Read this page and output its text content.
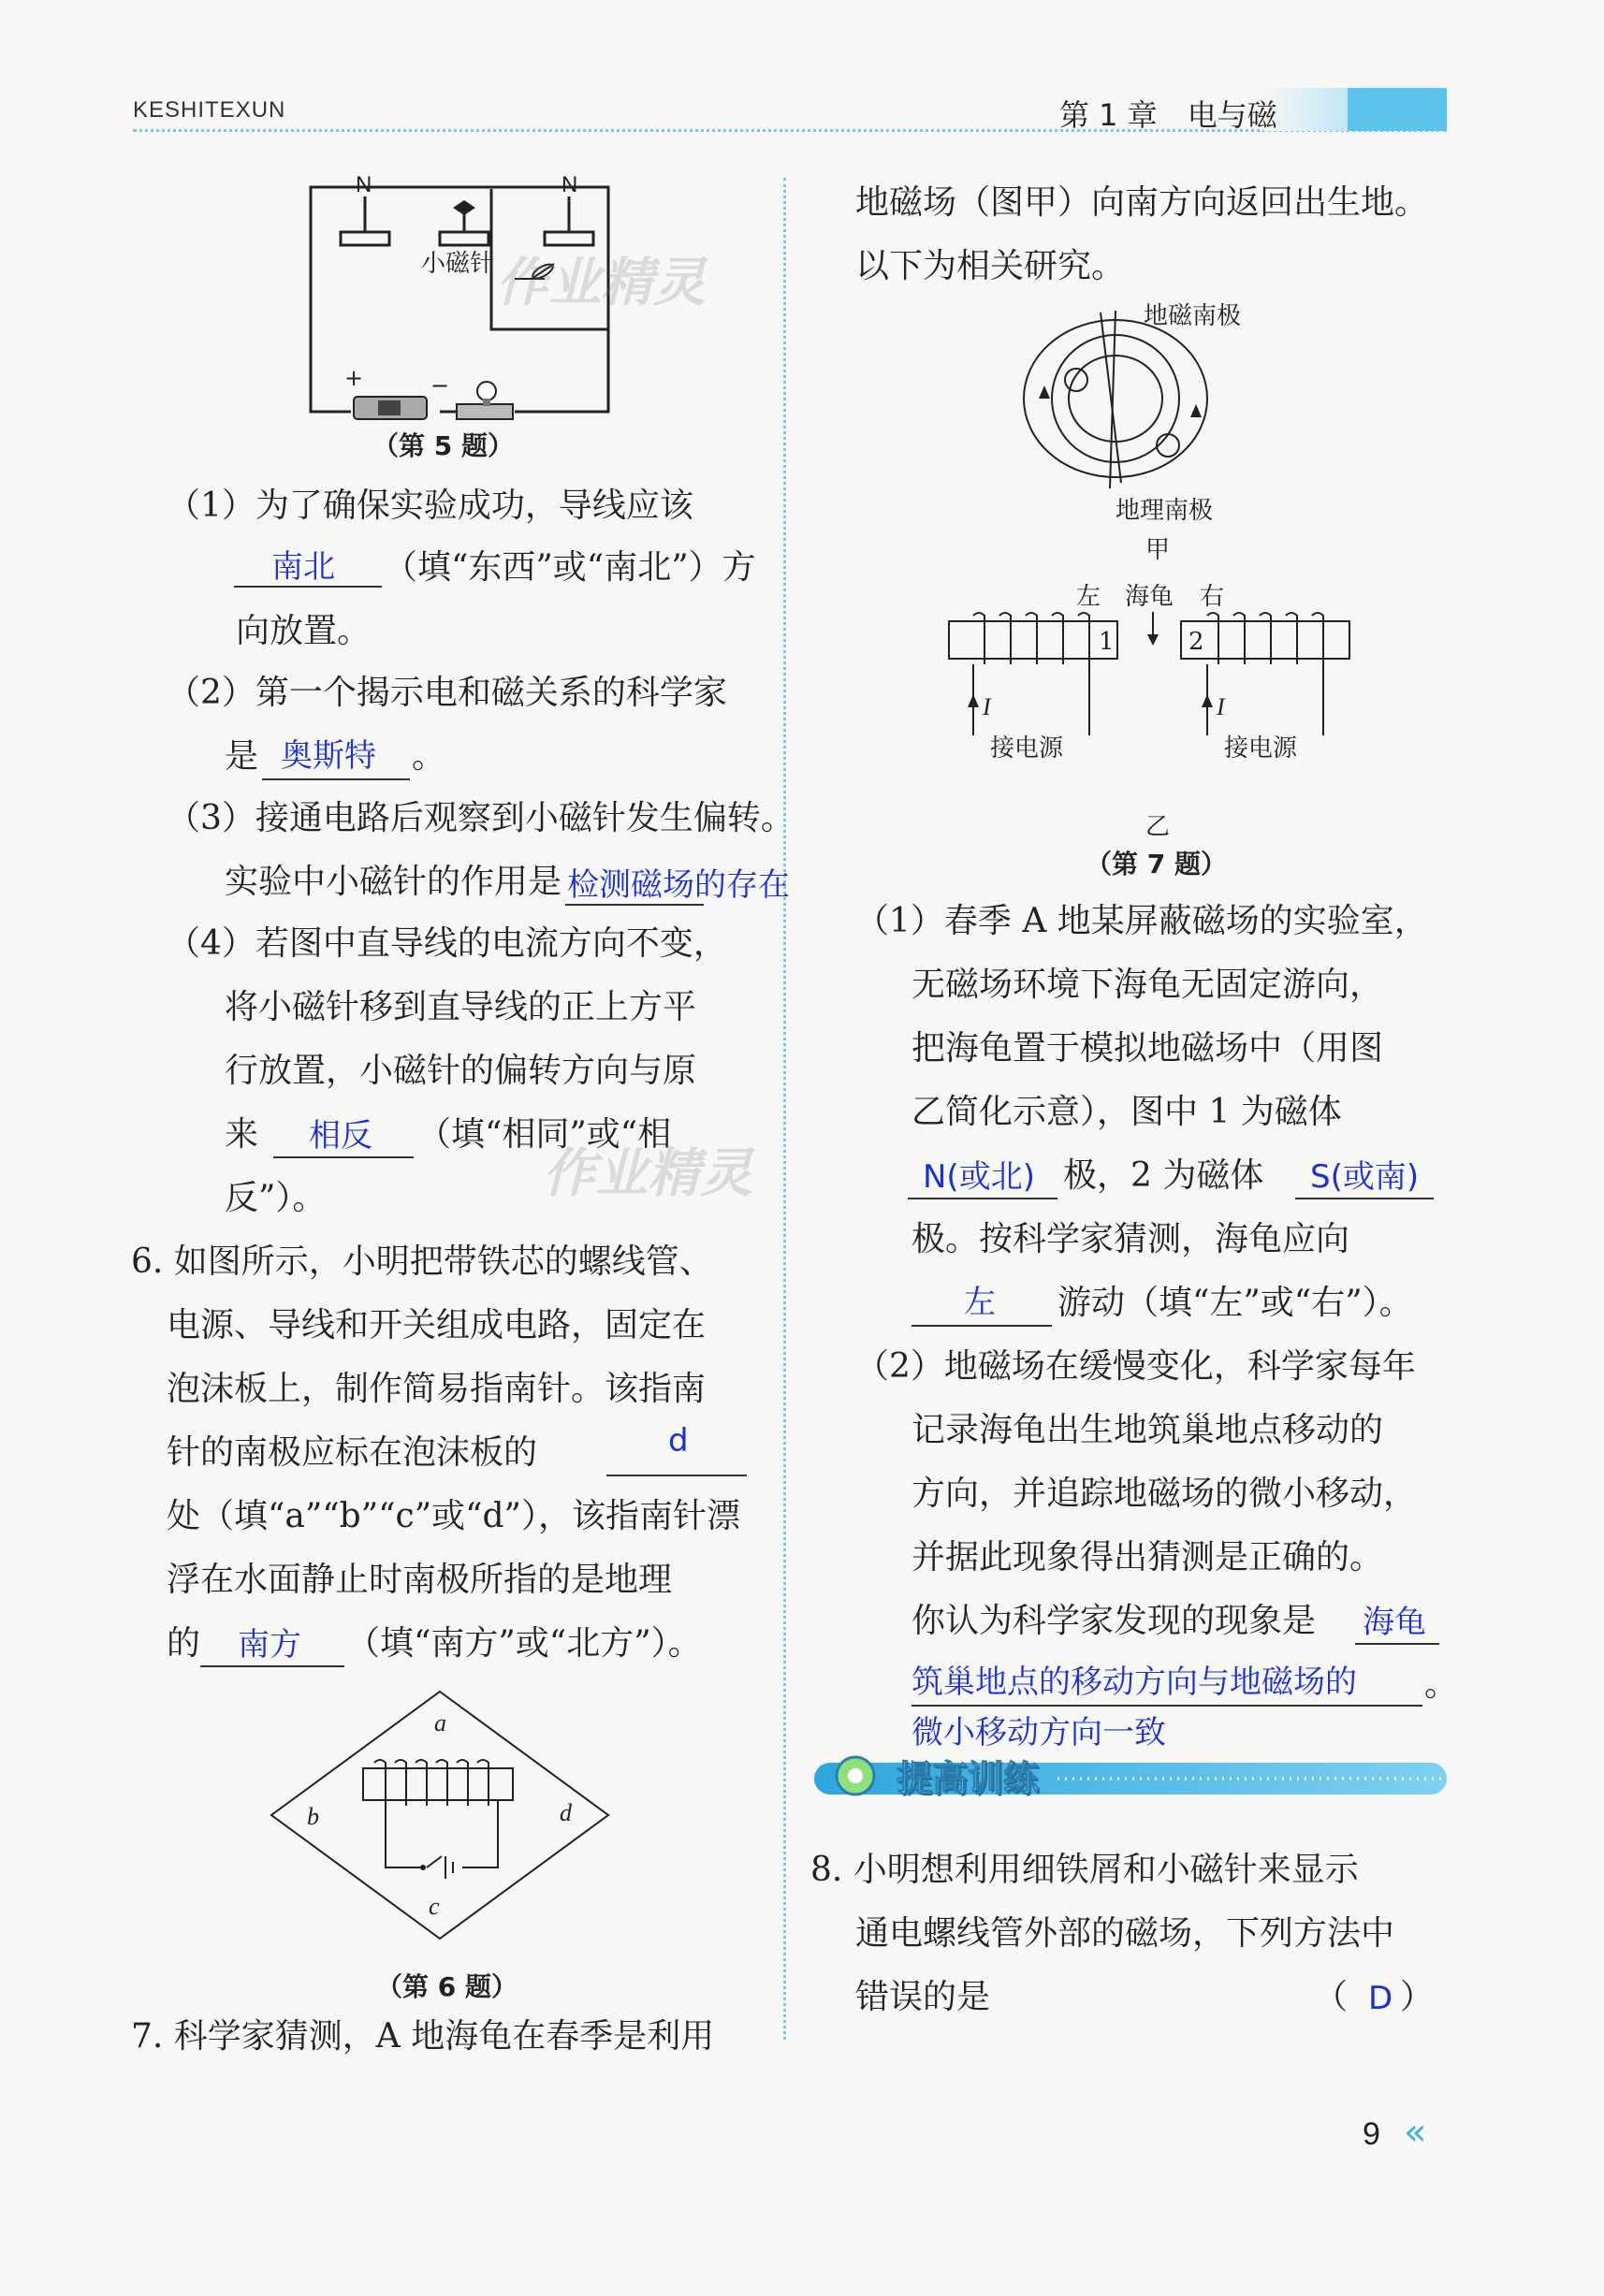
KESHITEXUN	第 1 章　电与磁
N	N
小磁针
+	−
作业精灵
（第 5 题）
（1）为了确保实验成功，导线应该
南北 （填“东西”或“南北”）方
向放置。
（2）第一个揭示电和磁关系的科学家
是 奥斯特 。
（3）接通电路后观察到小磁针发生偏转。
实验中小磁针的作用是 检测磁场的存在
（4）若图中直导线的电流方向不变，
将小磁针移到直导线的正上方平
行放置，小磁针的偏转方向与原
来 相反 （填“相同”或“相
反”）。	作业精灵
6. 如图所示，小明把带铁芯的螺线管、
电源、导线和开关组成电路，固定在
泡沫板上，制作简易指南针。该指南
针的南极应标在泡沫板的	d
处（填“a”“b”“c”或“d”），该指南针漂
浮在水面静止时南极所指的是地理
的 南方 （填“南方”或“北方”）。
a
b	d
c
（第 6 题）
7. 科学家猜测，A 地海龟在春季是利用
地磁场（图甲）向南方向返回出生地。
以下为相关研究。
地磁南极
地理南极
甲
左 海龟 右
1	2
I	I
接电源	接电源
乙
（第 7 题）
（1）春季 A 地某屏蔽磁场的实验室，
无磁场环境下海龟无固定游向，
把海龟置于模拟地磁场中（用图
乙简化示意），图中 1 为磁体
N(或北) 极，2 为磁体 S(或南)
极。按科学家猜测，海龟应向
左 游动（填“左”或“右”）。
（2）地磁场在缓慢变化，科学家每年
记录海龟出生地筑巢地点移动的
方向，并追踪地磁场的微小移动，
并据此现象得出猜测是正确的。
你认为科学家发现的现象是 海龟
筑巢地点的移动方向与地磁场的 。
微小移动方向一致
提高训练
8. 小明想利用细铁屑和小磁针来显示
通电螺线管外部的磁场，下列方法中
错误的是	（ D ）
9 «
